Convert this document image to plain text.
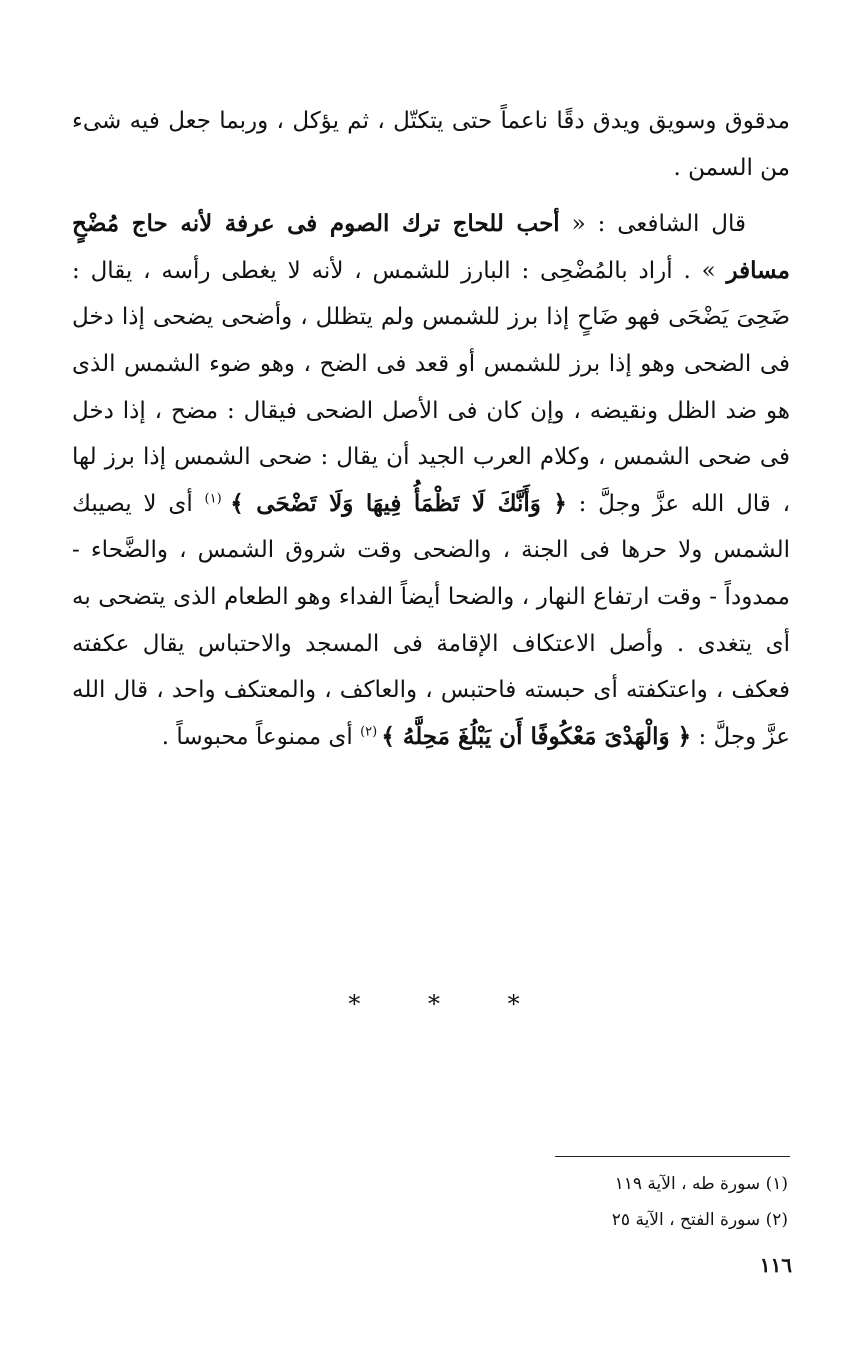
مدقوق وسويق ويدق دقًا ناعماً حتى يتكتّل ، ثم يؤكل ، وربما جعل فيه شىء من السمن .

قال الشافعى : « أحب للحاج ترك الصوم فى عرفة لأنه حاج مُضْحٍ مسافر » . أراد بالمُضْحِى : البارز للشمس ، لأنه لا يغطى رأسه ، يقال : ضَحِىَ يَضْحَى فهو ضَاحٍ إذا برز للشمس ولم يتظلل ، وأضحى يضحى إذا دخل فى الضحى وهو إذا برز للشمس أو قعد فى الضح ، وهو ضوء الشمس الذى هو ضد الظل ونقيضه ، وإن كان فى الأصل الضحى فيقال : مضح ، إذا دخل فى ضحى الشمس ، وكلام العرب الجيد أن يقال : ضحى الشمس إذا برز لها ، قال الله عزَّ وجلَّ : ﴿ وَأَنَّكَ لَا تَظْمَأُ فِيهَا وَلَا تَضْحَى ﴾ $^{(١)}$ أى لا يصيبك الشمس ولا حرها فى الجنة ، والضحى وقت شروق الشمس ، والضَّحاء - ممدوداً - وقت ارتفاع النهار ، والضحا أيضاً الفداء وهو الطعام الذى يتضحى به أى يتغدى . وأصل الاعتكاف الإقامة فى المسجد والاحتباس يقال عكفته فعكف ، واعتكفته أى حبسته فاحتبس ، والعاكف ، والمعتكف واحد ، قال الله عزَّ وجلَّ : ﴿ وَالْهَدْىَ مَعْكُوفًا أَن يَبْلُغَ مَحِلَّهُ ﴾ $^{(٢)}$ أى ممنوعاً محبوساً .

* * *
(١) سورة طه ، الآية ١١٩
(٢) سورة الفتح ، الآية ٢٥
١١٦
